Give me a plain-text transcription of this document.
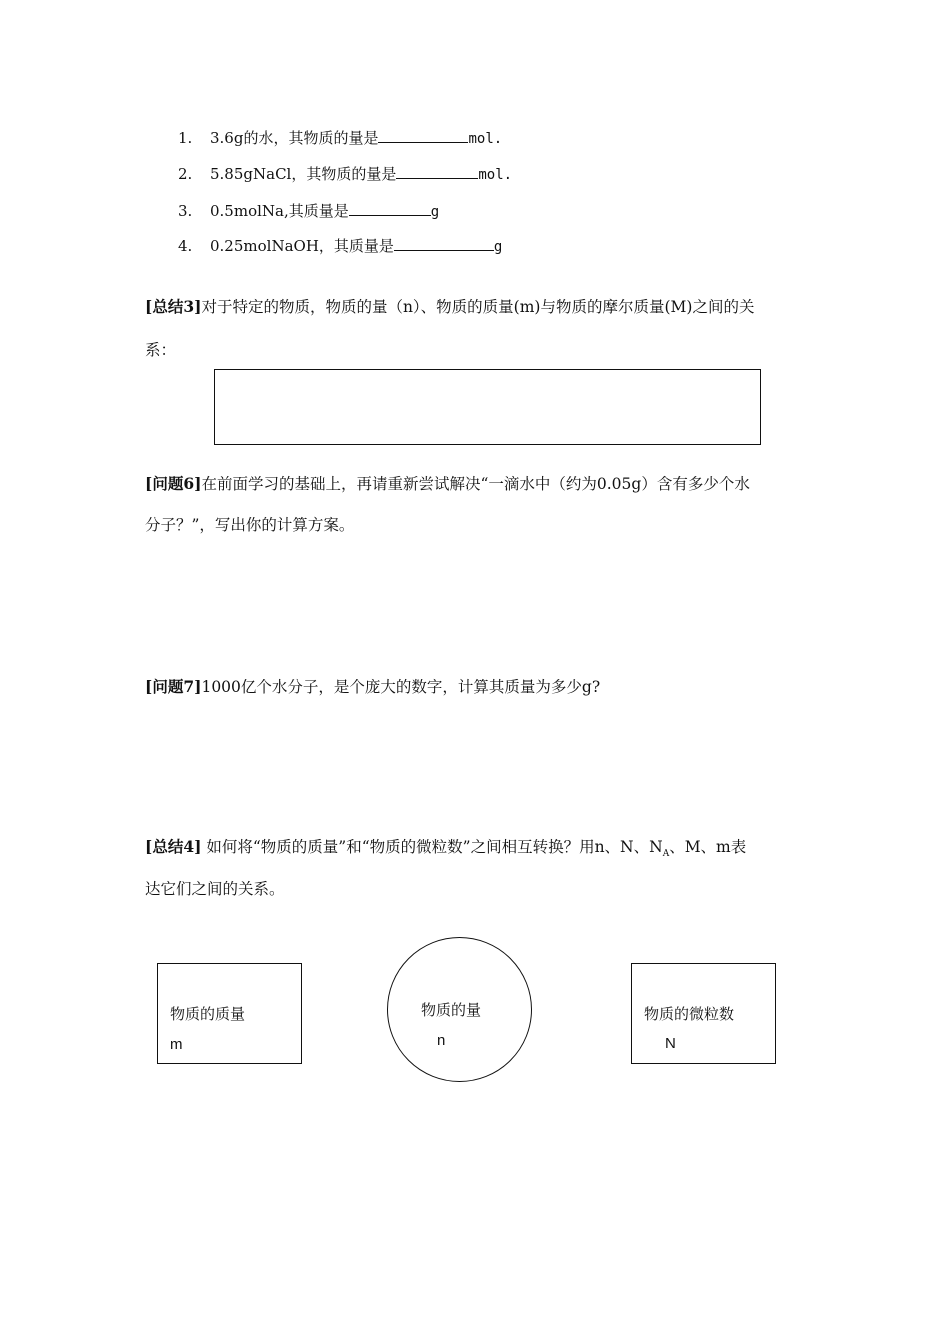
1. 3.6g的水，其物质的量是	mol.
2. 5.85gNaCl，其物质的量是	mol.
3. 0.5molNa,其质量是	g
4. 0.25molNaOH，其质量是	g
[总结3]对于特定的物质，物质的量（n）、物质的质量(m)与物质的摩尔质量(M)之间的关
系：
[问题6]在前面学习的基础上，再请重新尝试解决“一滴水中（约为0.05g）含有多少个水
分子？”，写出你的计算方案。
[问题7]1000亿个水分子，是个庞大的数字，计算其质量为多少g?
[总结4] 如何将“物质的质量”和“物质的微粒数”之间相互转换？用n、N、$N_A$、M、m表
达它们之间的关系。
物质的质量
m
物质的量
n
物质的微粒数
N
